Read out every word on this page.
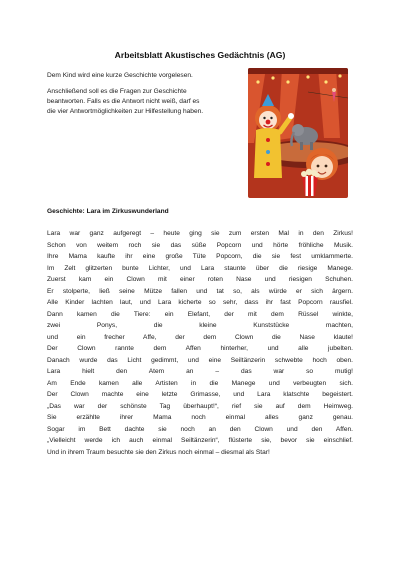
Arbeitsblatt Akustisches Gedächtnis (AG)

Dem Kind wird eine kurze Geschichte vorgelesen.

Anschließend soll es die Fragen zur Geschichte
beantworten. Falls es die Antwort nicht weiß, darf es
die vier Antwortmöglichkeiten zur Hilfestellung haben.

Geschichte: Lara im Zirkuswunderland
Lara war ganz aufgeregt – heute ging sie zum ersten Mal in den Zirkus!
Schon von weitem roch sie das süße Popcorn und hörte fröhliche Musik.
Ihre Mama kaufte ihr eine große Tüte Popcorn, die sie fest umklammerte.
Im Zelt glitzerten bunte Lichter, und Lara staunte über die riesige Manege.
Zuerst kam ein Clown mit einer roten Nase und riesigen Schuhen.
Er stolperte, ließ seine Mütze fallen und tat so, als würde er sich ärgern.
Alle Kinder lachten laut, und Lara kicherte so sehr, dass ihr fast Popcorn rausfiel.
Dann kamen die Tiere: ein Elefant, der mit dem Rüssel winkte,
zwei Ponys, die kleine Kunststücke machten,
und ein frecher Affe, der dem Clown die Nase klaute!
Der Clown rannte dem Affen hinterher, und alle jubelten.
Danach wurde das Licht gedimmt, und eine Seiltänzerin schwebte hoch oben.
Lara hielt den Atem an – das war so mutig!
Am Ende kamen alle Artisten in die Manege und verbeugten sich.
Der Clown machte eine letzte Grimasse, und Lara klatschte begeistert.
„Das war der schönste Tag überhaupt!“, rief sie auf dem Heimweg.
Sie erzählte ihrer Mama noch einmal alles ganz genau.
Sogar im Bett dachte sie noch an den Clown und den Affen.
„Vielleicht werde ich auch einmal Seiltänzerin“, flüsterte sie, bevor sie einschlief.
Und in ihrem Traum besuchte sie den Zirkus noch einmal – diesmal als Star!
